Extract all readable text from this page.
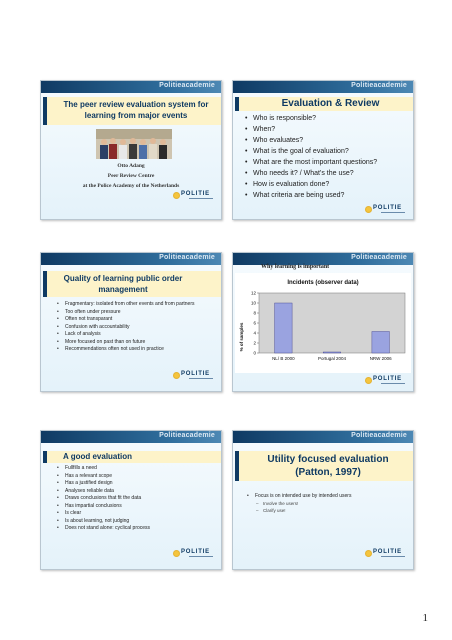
Politieacademie
The peer review evaluation system for learning from major events
Otto Adang
Peer Review Centre
at the Police Academy of the Netherlands
POLITIE
Politieacademie
Evaluation & Review
• Who is responsible?
• When?
• Who evaluates?
• What is the goal of evaluation?
• What are the most important questions?
• Who needs it? / What’s the use?
• How is evaluation done?
• What criteria are being used?
POLITIE
Politieacademie
Quality of learning public order management
• Fragmentary: isolated from other events and from partners
• Too often under pressure
• Often not transparant
• Confusion with accountability
• Lack of analysis
• More focused on past than on future
• Recommendations often not used in practice
POLITIE
Politieacademie
Why learning is important
Incidents (observer data)
% of samples
0
2
4
6
8
10
12
NL/ B 2000	Portugal 2004	NRW 2006
POLITIE
Politieacademie
A good evaluation
• Fullfills a need
• Has a relevant scope
• Has a justified design
• Analyses reliable data
• Draws conclusions that fit the data
• Has impartial conclusions
• Is clear
• Is about learning, not judging
• Does not stand alone: cyclical process
POLITIE
Politieacademie
Utility focused evaluation (Patton, 1997)
• Focus is on intended use by intended users
– Involve the users!
– Clarify use!
POLITIE
1
